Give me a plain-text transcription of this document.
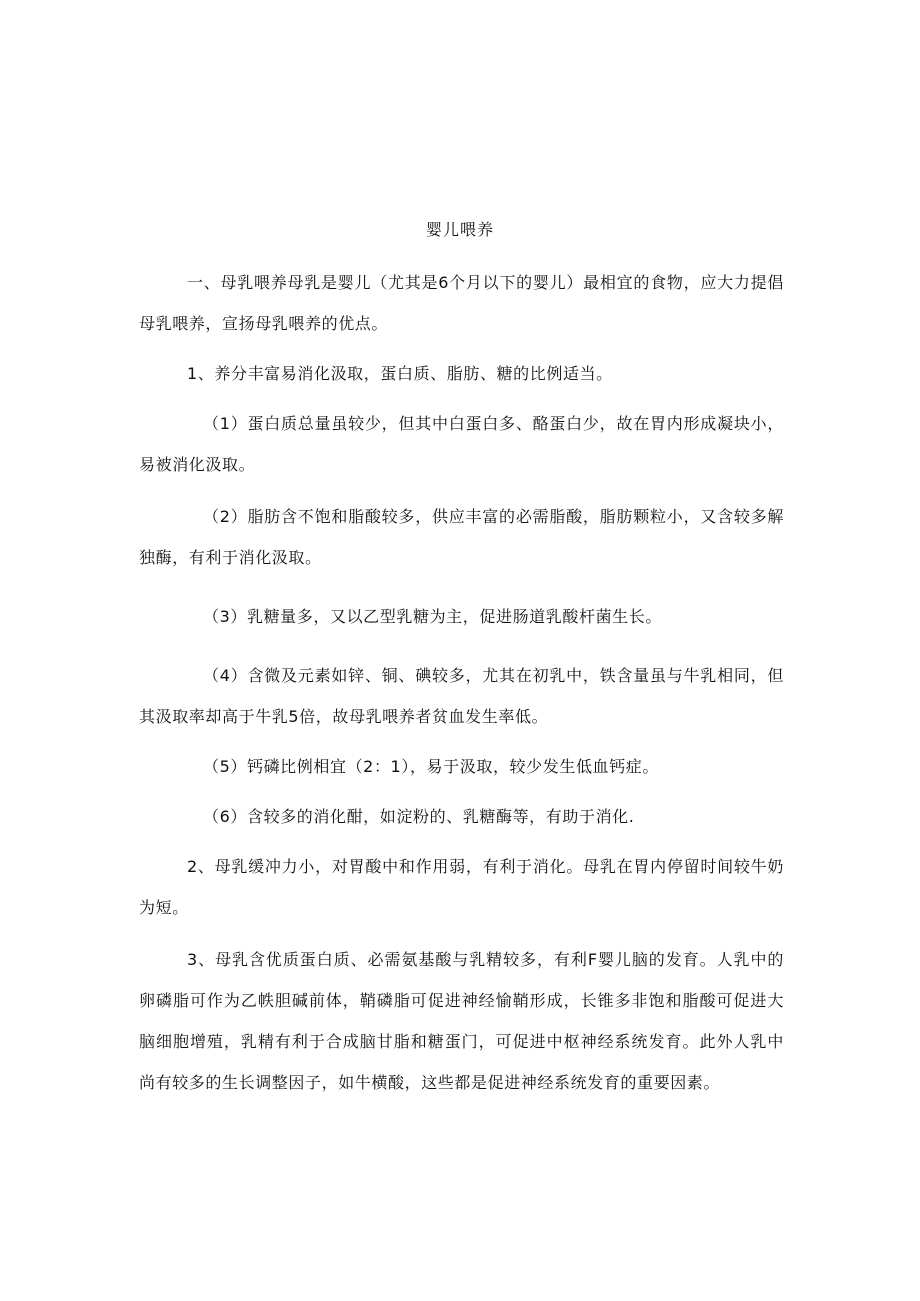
婴儿喂养

一、母乳喂养母乳是婴儿（尤其是6个月以下的婴儿）最相宜的食物，应大力提倡母乳喂养，宣扬母乳喂养的优点。

1、养分丰富易消化汲取，蛋白质、脂肪、糖的比例适当。

（1）蛋白质总量虽较少，但其中白蛋白多、酪蛋白少，故在胃内形成凝块小，易被消化汲取。

（2）脂肪含不饱和脂酸较多，供应丰富的必需脂酸，脂肪颗粒小，又含较多解独酶，有利于消化汲取。

（3）乳糖量多，又以乙型乳糖为主，促进肠道乳酸杆菌生长。

（4）含微及元素如锌、铜、碘较多，尤其在初乳中，铁含量虽与牛乳相同，但其汲取率却高于牛乳5倍，故母乳喂养者贫血发生率低。

（5）钙磷比例相宜（2：1），易于汲取，较少发生低血钙症。

（6）含较多的消化酣，如淀粉的、乳糖酶等，有助于消化.

2、母乳缓冲力小，对胃酸中和作用弱，有利于消化。母乳在胃内停留时间较牛奶为短。

3、母乳含优质蛋白质、必需氨基酸与乳精较多，有利F婴儿脑的发育。人乳中的卵磷脂可作为乙帙胆碱前体，鞘磷脂可促进神经愉鞘形成，长锥多非饱和脂酸可促进大脑细胞增殖，乳精有利于合成脑甘脂和糖蛋门，可促进中枢神经系统发育。此外人乳中尚有较多的生长调整因子，如牛横酸，这些都是促进神经系统发育的重要因素。
